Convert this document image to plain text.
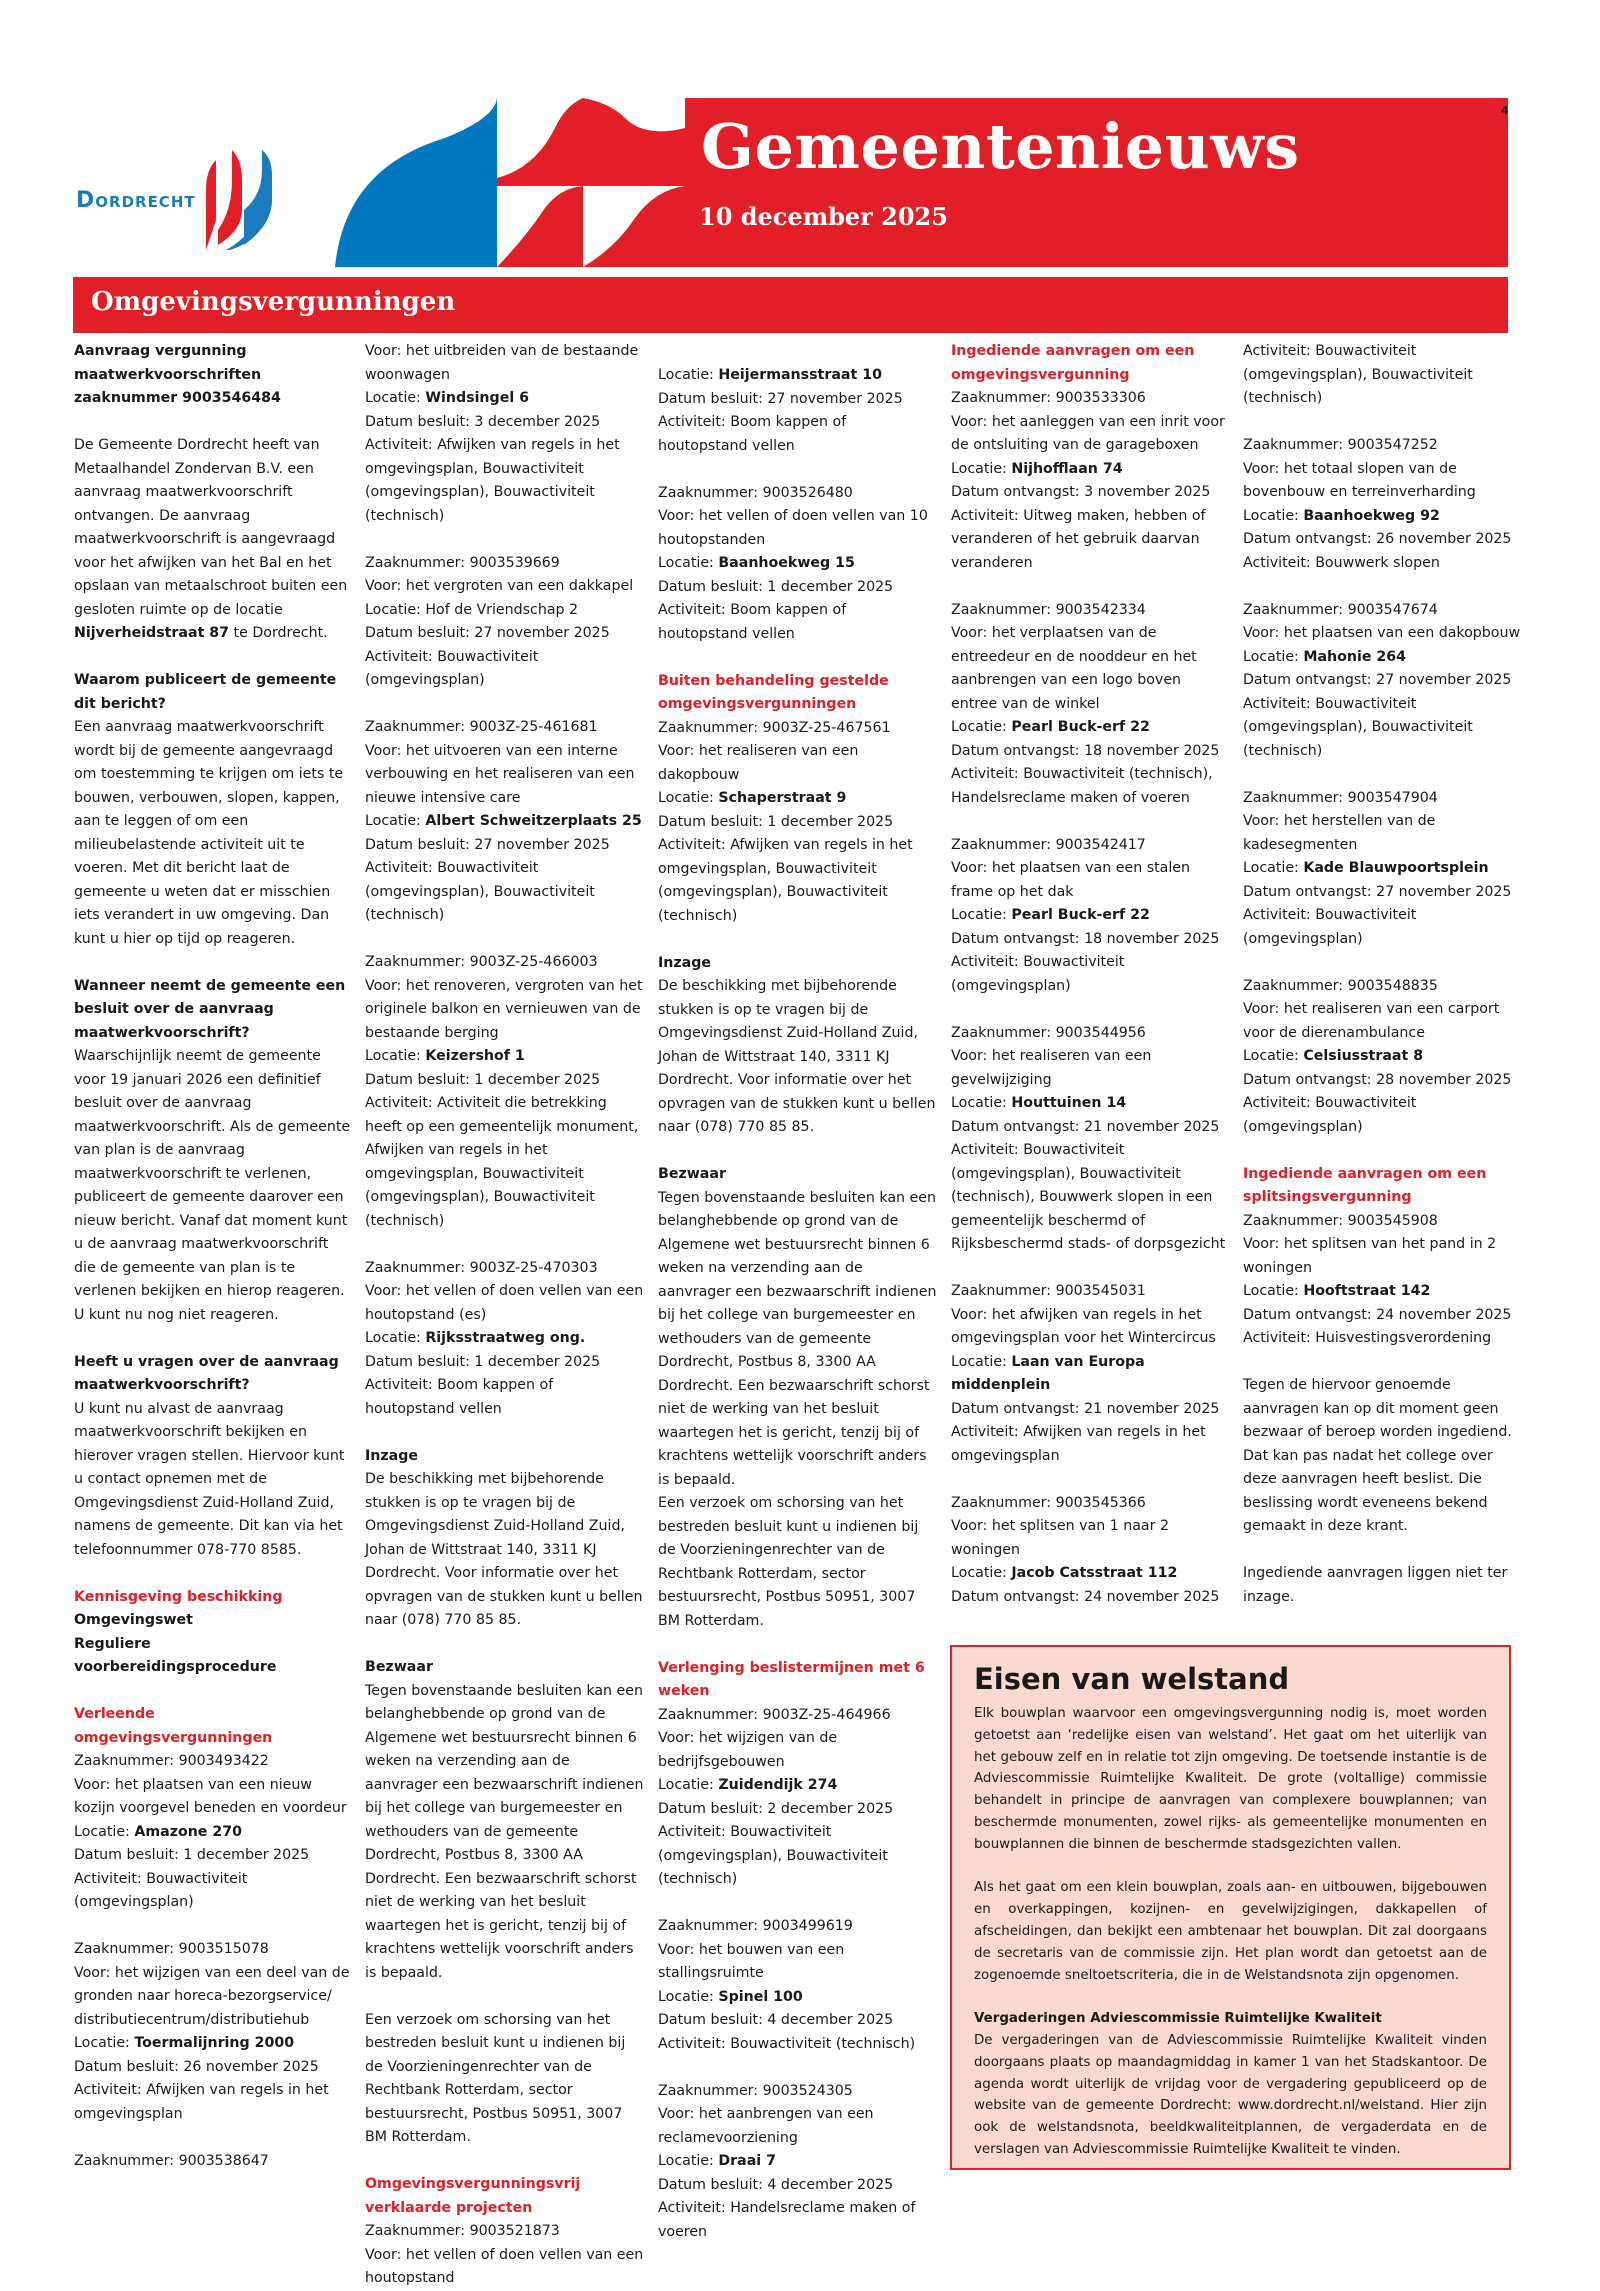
Dordrecht
Gemeentenieuws
10 december 2025
4
Omgevingsvergunningen

Aanvraag vergunning
maatwerkvoorschriften
zaaknummer 9003546484

De Gemeente Dordrecht heeft van Metaalhandel Zondervan B.V. een aanvraag maatwerkvoorschrift ontvangen. De aanvraag maatwerkvoorschrift is aangevraagd voor het afwijken van het Bal en het opslaan van metaalschroot buiten een gesloten ruimte op de locatie Nijverheidstraat 87 te Dordrecht.

Waarom publiceert de gemeente dit bericht?

Een aanvraag maatwerkvoorschrift wordt bij de gemeente aangevraagd om toestemming te krijgen om iets te bouwen, verbouwen, slopen, kappen, aan te leggen of om een milieubelastende activiteit uit te voeren. Met dit bericht laat de gemeente u weten dat er misschien iets verandert in uw omgeving. Dan kunt u hier op tijd op reageren.

Wanneer neemt de gemeente een besluit over de aanvraag maatwerkvoorschrift?

Waarschijnlijk neemt de gemeente voor 19 januari 2026 een definitief besluit over de aanvraag maatwerkvoorschrift. Als de gemeente van plan is de aanvraag maatwerkvoorschrift te verlenen, publiceert de gemeente daarover een nieuw bericht. Vanaf dat moment kunt u de aanvraag maatwerkvoorschrift die de gemeente van plan is te verlenen bekijken en hierop reageren. U kunt nu nog niet reageren.

Heeft u vragen over de aanvraag maatwerkvoorschrift?

U kunt nu alvast de aanvraag maatwerkvoorschrift bekijken en hierover vragen stellen. Hiervoor kunt u contact opnemen met de Omgevingsdienst Zuid-Holland Zuid, namens de gemeente. Dit kan via het telefoonnummer 078-770 8585.

Kennisgeving beschikking

Omgevingswet

Reguliere

voorbereidingsprocedure

Verleende omgevingsvergunningen

Zaaknummer: 9003493422

Voor: het plaatsen van een nieuw kozijn voorgevel beneden en voordeur

Locatie: Amazone 270

Datum besluit: 1 december 2025

Activiteit: Bouwactiviteit (omgevingsplan)

Zaaknummer: 9003515078

Voor: het wijzigen van een deel van de gronden naar horeca-bezorgservice/ distributiecentrum/distributiehub

Locatie: Toermalijnring 2000

Datum besluit: 26 november 2025

Activiteit: Afwijken van regels in het omgevingsplan

Zaaknummer: 9003538647

Voor: het uitbreiden van de bestaande woonwagen

Locatie: Windsingel 6

Datum besluit: 3 december 2025

Activiteit: Afwijken van regels in het omgevingsplan, Bouwactiviteit (omgevingsplan), Bouwactiviteit (technisch)

Zaaknummer: 9003539669

Voor: het vergroten van een dakkapel

Locatie: Hof de Vriendschap 2

Datum besluit: 27 november 2025

Activiteit: Bouwactiviteit (omgevingsplan)

Zaaknummer: 9003Z-25-461681

Voor: het uitvoeren van een interne verbouwing en het realiseren van een nieuwe intensive care

Locatie: Albert Schweitzerplaats 25

Datum besluit: 27 november 2025

Activiteit: Bouwactiviteit (omgevingsplan), Bouwactiviteit (technisch)

Zaaknummer: 9003Z-25-466003

Voor: het renoveren, vergroten van het originele balkon en vernieuwen van de bestaande berging

Locatie: Keizershof 1

Datum besluit: 1 december 2025

Activiteit: Activiteit die betrekking heeft op een gemeentelijk monument, Afwijken van regels in het omgevingsplan, Bouwactiviteit (omgevingsplan), Bouwactiviteit (technisch)

Zaaknummer: 9003Z-25-470303

Voor: het vellen of doen vellen van een houtopstand (es)

Locatie: Rijksstraatweg ong.

Datum besluit: 1 december 2025

Activiteit: Boom kappen of houtopstand vellen

Inzage

De beschikking met bijbehorende stukken is op te vragen bij de Omgevingsdienst Zuid-Holland Zuid, Johan de Wittstraat 140, 3311 KJ Dordrecht. Voor informatie over het opvragen van de stukken kunt u bellen naar (078) 770 85 85.

Bezwaar

Tegen bovenstaande besluiten kan een belanghebbende op grond van de Algemene wet bestuursrecht binnen 6 weken na verzending aan de aanvrager een bezwaarschrift indienen bij het college van burgemeester en wethouders van de gemeente Dordrecht, Postbus 8, 3300 AA Dordrecht. Een bezwaarschrift schorst niet de werking van het besluit waartegen het is gericht, tenzij bij of krachtens wettelijk voorschrift anders is bepaald.

Een verzoek om schorsing van het bestreden besluit kunt u indienen bij de Voorzieningenrechter van de Rechtbank Rotterdam, sector bestuursrecht, Postbus 50951, 3007 BM Rotterdam.

Omgevingsvergunningsvrij verklaarde projecten

Zaaknummer: 9003521873

Voor: het vellen of doen vellen van een houtopstand

Locatie: Heijermansstraat 10

Datum besluit: 27 november 2025

Activiteit: Boom kappen of houtopstand vellen

Zaaknummer: 9003526480

Voor: het vellen of doen vellen van 10 houtopstanden

Locatie: Baanhoekweg 15

Datum besluit: 1 december 2025

Activiteit: Boom kappen of houtopstand vellen

Buiten behandeling gestelde omgevingsvergunningen

Zaaknummer: 9003Z-25-467561

Voor: het realiseren van een dakopbouw

Locatie: Schaperstraat 9

Datum besluit: 1 december 2025

Activiteit: Afwijken van regels in het omgevingsplan, Bouwactiviteit (omgevingsplan), Bouwactiviteit (technisch)

Inzage

De beschikking met bijbehorende stukken is op te vragen bij de Omgevingsdienst Zuid-Holland Zuid, Johan de Wittstraat 140, 3311 KJ Dordrecht. Voor informatie over het opvragen van de stukken kunt u bellen naar (078) 770 85 85.

Bezwaar

Tegen bovenstaande besluiten kan een belanghebbende op grond van de Algemene wet bestuursrecht binnen 6 weken na verzending aan de aanvrager een bezwaarschrift indienen bij het college van burgemeester en wethouders van de gemeente Dordrecht, Postbus 8, 3300 AA Dordrecht. Een bezwaarschrift schorst niet de werking van het besluit waartegen het is gericht, tenzij bij of krachtens wettelijk voorschrift anders is bepaald.

Een verzoek om schorsing van het bestreden besluit kunt u indienen bij de Voorzieningenrechter van de Rechtbank Rotterdam, sector bestuursrecht, Postbus 50951, 3007 BM Rotterdam.

Verlenging beslistermijnen met 6 weken

Zaaknummer: 9003Z-25-464966

Voor: het wijzigen van de bedrijfsgebouwen

Locatie: Zuidendijk 274

Datum besluit: 2 december 2025

Activiteit: Bouwactiviteit (omgevingsplan), Bouwactiviteit (technisch)

Zaaknummer: 9003499619

Voor: het bouwen van een stallingsruimte

Locatie: Spinel 100

Datum besluit: 4 december 2025

Activiteit: Bouwactiviteit (technisch)

Zaaknummer: 9003524305

Voor: het aanbrengen van een reclamevoorziening

Locatie: Draai 7

Datum besluit: 4 december 2025

Activiteit: Handelsreclame maken of voeren

Ingediende aanvragen om een omgevingsvergunning

Zaaknummer: 9003533306

Voor: het aanleggen van een inrit voor de ontsluiting van de garageboxen

Locatie: Nijhofflaan 74

Datum ontvangst: 3 november 2025

Activiteit: Uitweg maken, hebben of veranderen of het gebruik daarvan veranderen

Zaaknummer: 9003542334

Voor: het verplaatsen van de entreedeur en de nooddeur en het aanbrengen van een logo boven entree van de winkel

Locatie: Pearl Buck-erf 22

Datum ontvangst: 18 november 2025

Activiteit: Bouwactiviteit (technisch), Handelsreclame maken of voeren

Zaaknummer: 9003542417

Voor: het plaatsen van een stalen frame op het dak

Locatie: Pearl Buck-erf 22

Datum ontvangst: 18 november 2025

Activiteit: Bouwactiviteit (omgevingsplan)

Zaaknummer: 9003544956

Voor: het realiseren van een gevelwijziging

Locatie: Houttuinen 14

Datum ontvangst: 21 november 2025

Activiteit: Bouwactiviteit (omgevingsplan), Bouwactiviteit (technisch), Bouwwerk slopen in een gemeentelijk beschermd of Rijksbeschermd stads- of dorpsgezicht

Zaaknummer: 9003545031

Voor: het afwijken van regels in het omgevingsplan voor het Wintercircus

Locatie: Laan van Europa middenplein

Datum ontvangst: 21 november 2025

Activiteit: Afwijken van regels in het omgevingsplan

Zaaknummer: 9003545366

Voor: het splitsen van 1 naar 2 woningen

Locatie: Jacob Catsstraat 112

Datum ontvangst: 24 november 2025

Activiteit: Bouwactiviteit (omgevingsplan), Bouwactiviteit (technisch)

Zaaknummer: 9003547252

Voor: het totaal slopen van de bovenbouw en terreinverharding

Locatie: Baanhoekweg 92

Datum ontvangst: 26 november 2025

Activiteit: Bouwwerk slopen

Zaaknummer: 9003547674

Voor: het plaatsen van een dakopbouw

Locatie: Mahonie 264

Datum ontvangst: 27 november 2025

Activiteit: Bouwactiviteit (omgevingsplan), Bouwactiviteit (technisch)

Zaaknummer: 9003547904

Voor: het herstellen van de kadesegmenten

Locatie: Kade Blauwpoortsplein

Datum ontvangst: 27 november 2025

Activiteit: Bouwactiviteit (omgevingsplan)

Zaaknummer: 9003548835

Voor: het realiseren van een carport voor de dierenambulance

Locatie: Celsiusstraat 8

Datum ontvangst: 28 november 2025

Activiteit: Bouwactiviteit (omgevingsplan)

Ingediende aanvragen om een splitsingsvergunning

Zaaknummer: 9003545908

Voor: het splitsen van het pand in 2 woningen

Locatie: Hooftstraat 142

Datum ontvangst: 24 november 2025

Activiteit: Huisvestingsverordening

Tegen de hiervoor genoemde aanvragen kan op dit moment geen bezwaar of beroep worden ingediend. Dat kan pas nadat het college over deze aanvragen heeft beslist. Die beslissing wordt eveneens bekend gemaakt in deze krant.

Ingediende aanvragen liggen niet ter inzage.

Eisen van welstand

Elk bouwplan waarvoor een omgevingsvergunning nodig is, moet worden getoetst aan ‘redelijke eisen van welstand’. Het gaat om het uiterlijk van het gebouw zelf en in relatie tot zijn omgeving. De toetsende instantie is de Adviescommissie Ruimtelijke Kwaliteit. De grote (voltallige) commissie behandelt in principe de aanvragen van complexere bouwplannen; van beschermde monumenten, zowel rijks- als gemeentelijke monumenten en bouwplannen die binnen de beschermde stadsgezichten vallen.

Als het gaat om een klein bouwplan, zoals aan- en uitbouwen, bijgebouwen en overkappingen, kozijnen- en gevelwijzigingen, dakkapellen of afscheidingen, dan bekijkt een ambtenaar het bouwplan. Dit zal doorgaans de secretaris van de commissie zijn. Het plan wordt dan getoetst aan de zogenoemde sneltoetscriteria, die in de Welstandsnota zijn opgenomen.

Vergaderingen Adviescommissie Ruimtelijke Kwaliteit

De vergaderingen van de Adviescommissie Ruimtelijke Kwaliteit vinden doorgaans plaats op maandagmiddag in kamer 1 van het Stadskantoor. De agenda wordt uiterlijk de vrijdag voor de vergadering gepubliceerd op de website van de gemeente Dordrecht: www.dordrecht.nl/welstand. Hier zijn ook de welstandsnota, beeldkwaliteitplannen, de vergaderdata en de verslagen van Adviescommissie Ruimtelijke Kwaliteit te vinden.
